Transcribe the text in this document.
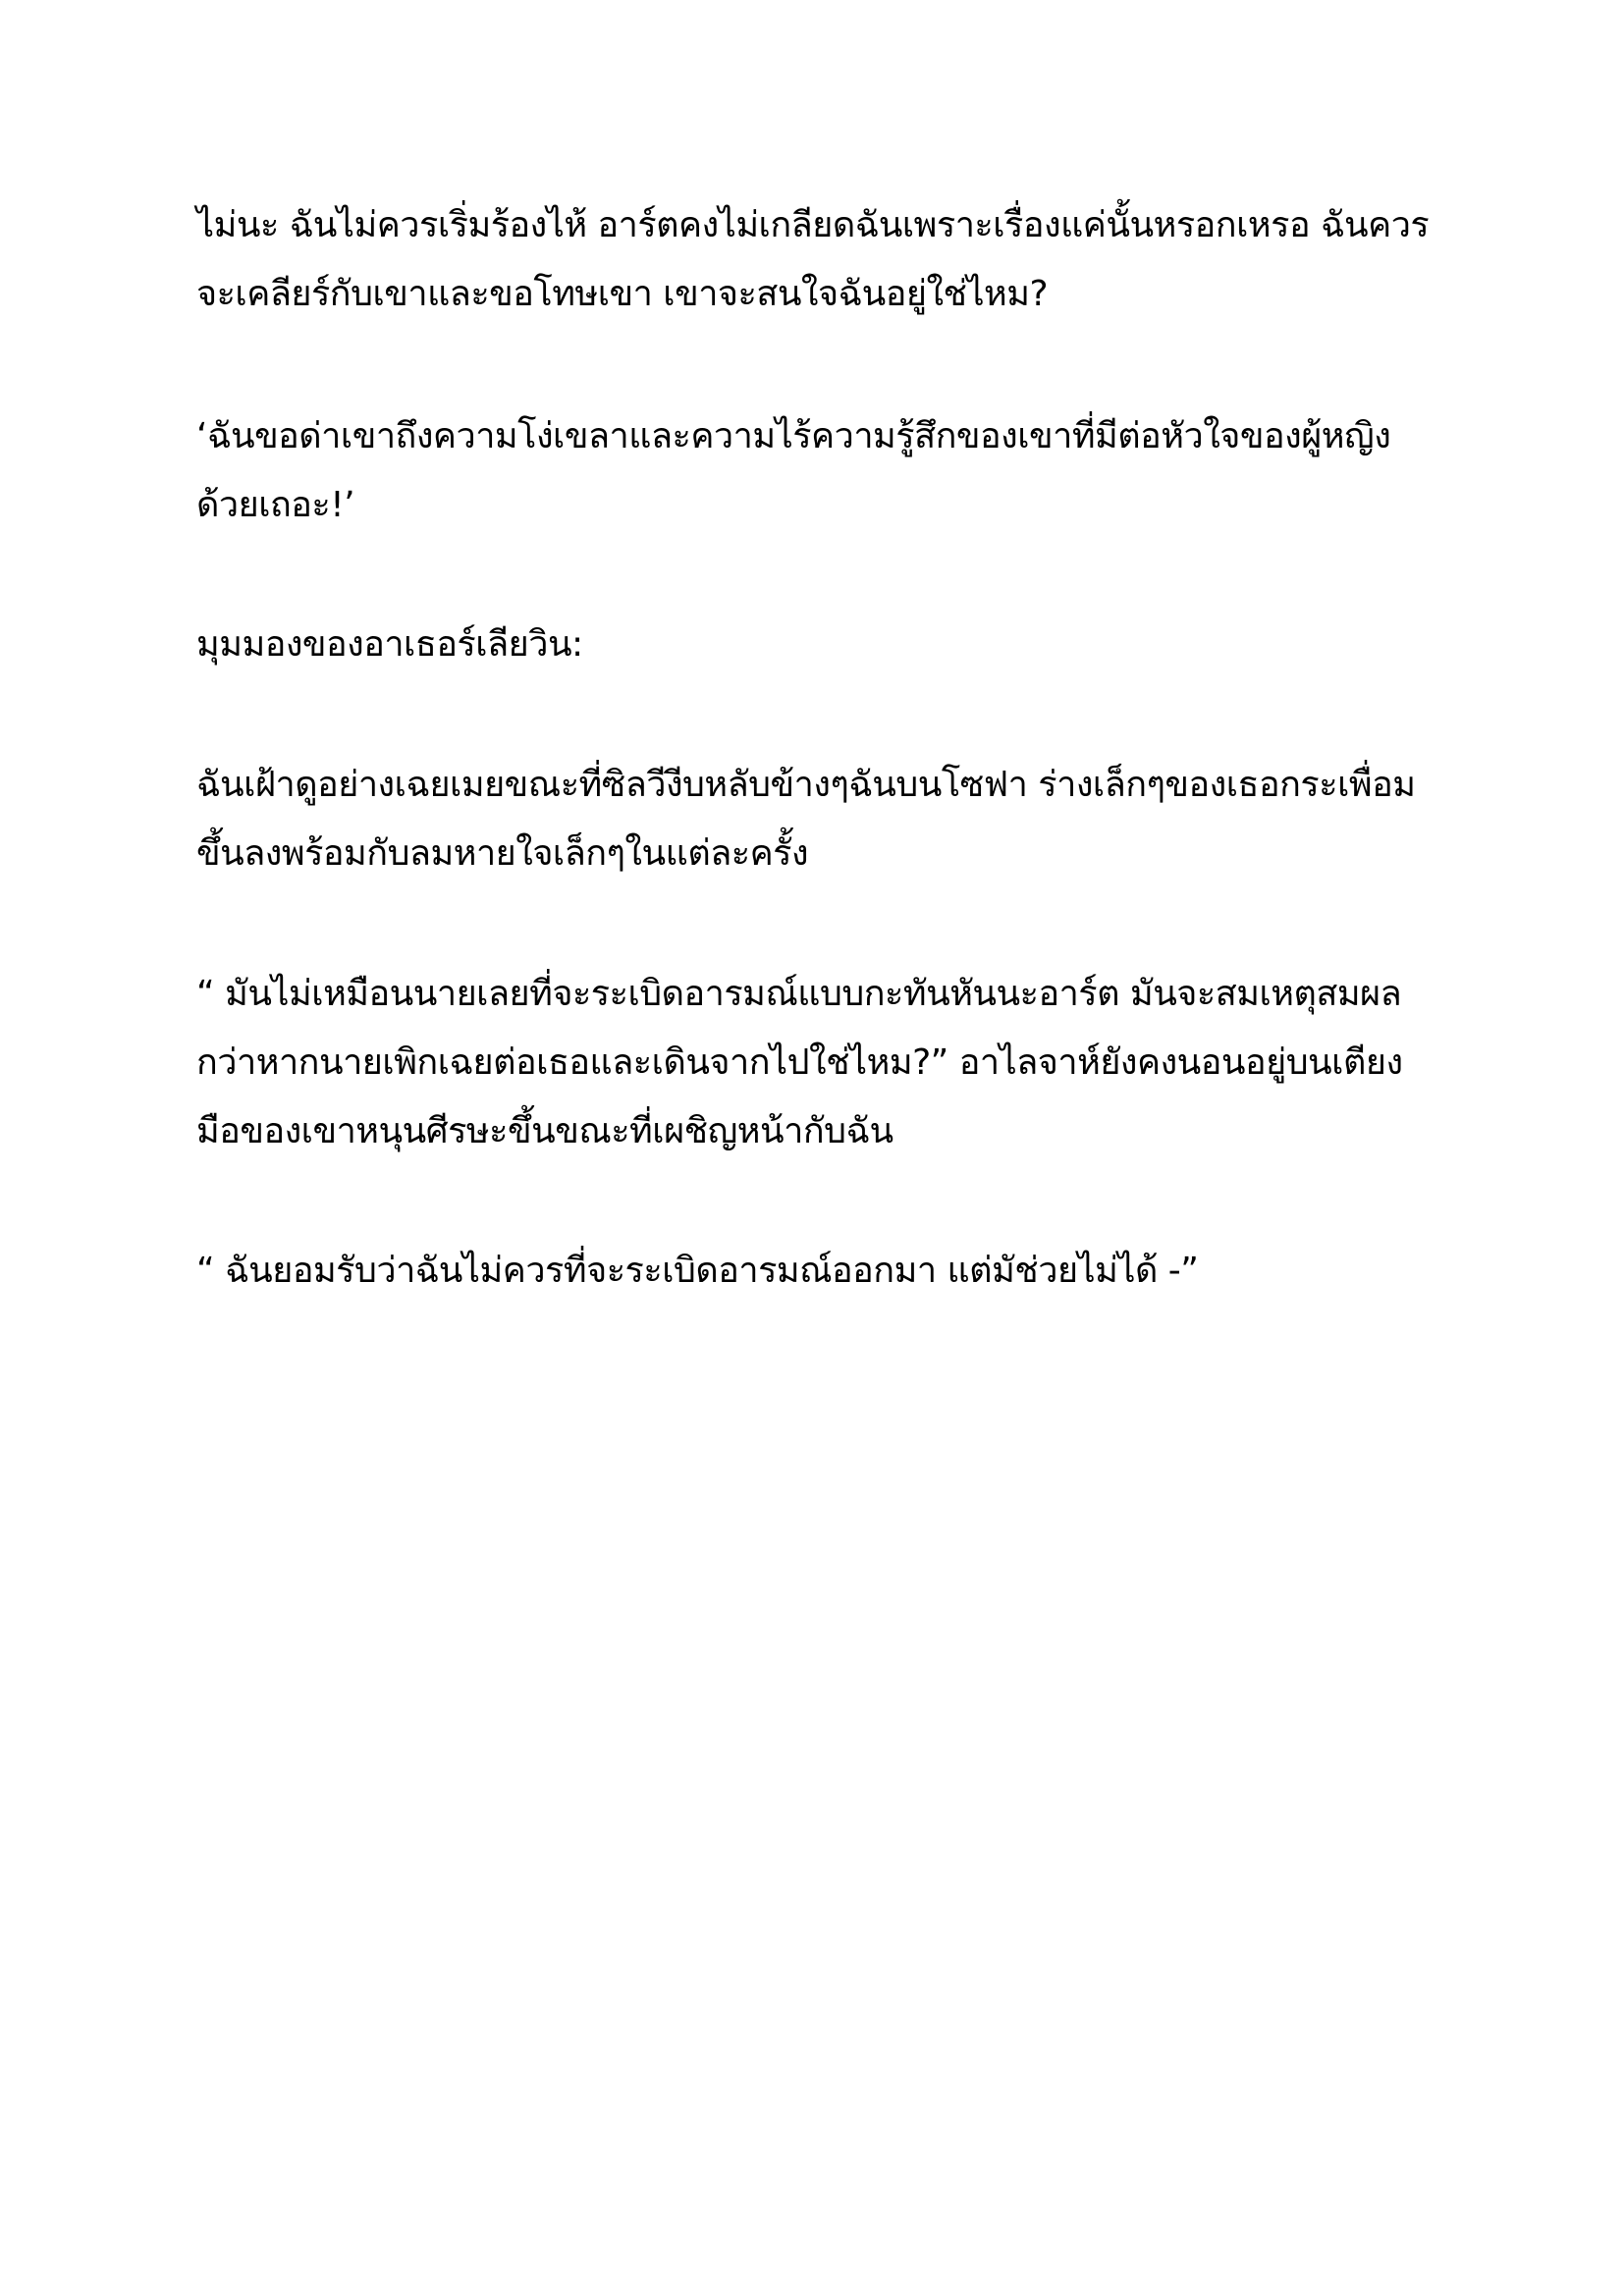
ไม่นะ ฉันไม่ควรเริ่มร้องไห้ อาร์ตคงไม่เกลียดฉันเพราะเรื่องแค่นั้นหรอกเหรอ ฉันควร

จะเคลียร์กับเขาและขอโทษเขา เขาจะสนใจฉันอยู่ใช่ไหม?

‘ฉันขอด่าเขาถึงความโง่เขลาและความไร้ความรู้สึกของเขาที่มีต่อหัวใจของผู้หญิง

ด้วยเถอะ!’

มุมมองของอาเธอร์เลียวิน:

ฉันเฝ้าดูอย่างเฉยเมยขณะที่ซิลวีงีบหลับข้างๆฉันบนโซฟา ร่างเล็กๆของเธอกระเพื่อม

ขึ้นลงพร้อมกับลมหายใจเล็กๆในแต่ละครั้ง

“ มันไม่เหมือนนายเลยที่จะระเบิดอารมณ์แบบกะทันหันนะอาร์ต มันจะสมเหตุสมผล

กว่าหากนายเพิกเฉยต่อเธอและเดินจากไปใช่ไหม?” อาไลจาห์ยังคงนอนอยู่บนเตียง

มือของเขาหนุนศีรษะขึ้นขณะที่เผชิญหน้ากับฉัน

“ ฉันยอมรับว่าฉันไม่ควรที่จะระเบิดอารมณ์ออกมา แต่มัช่วยไม่ได้ -”
